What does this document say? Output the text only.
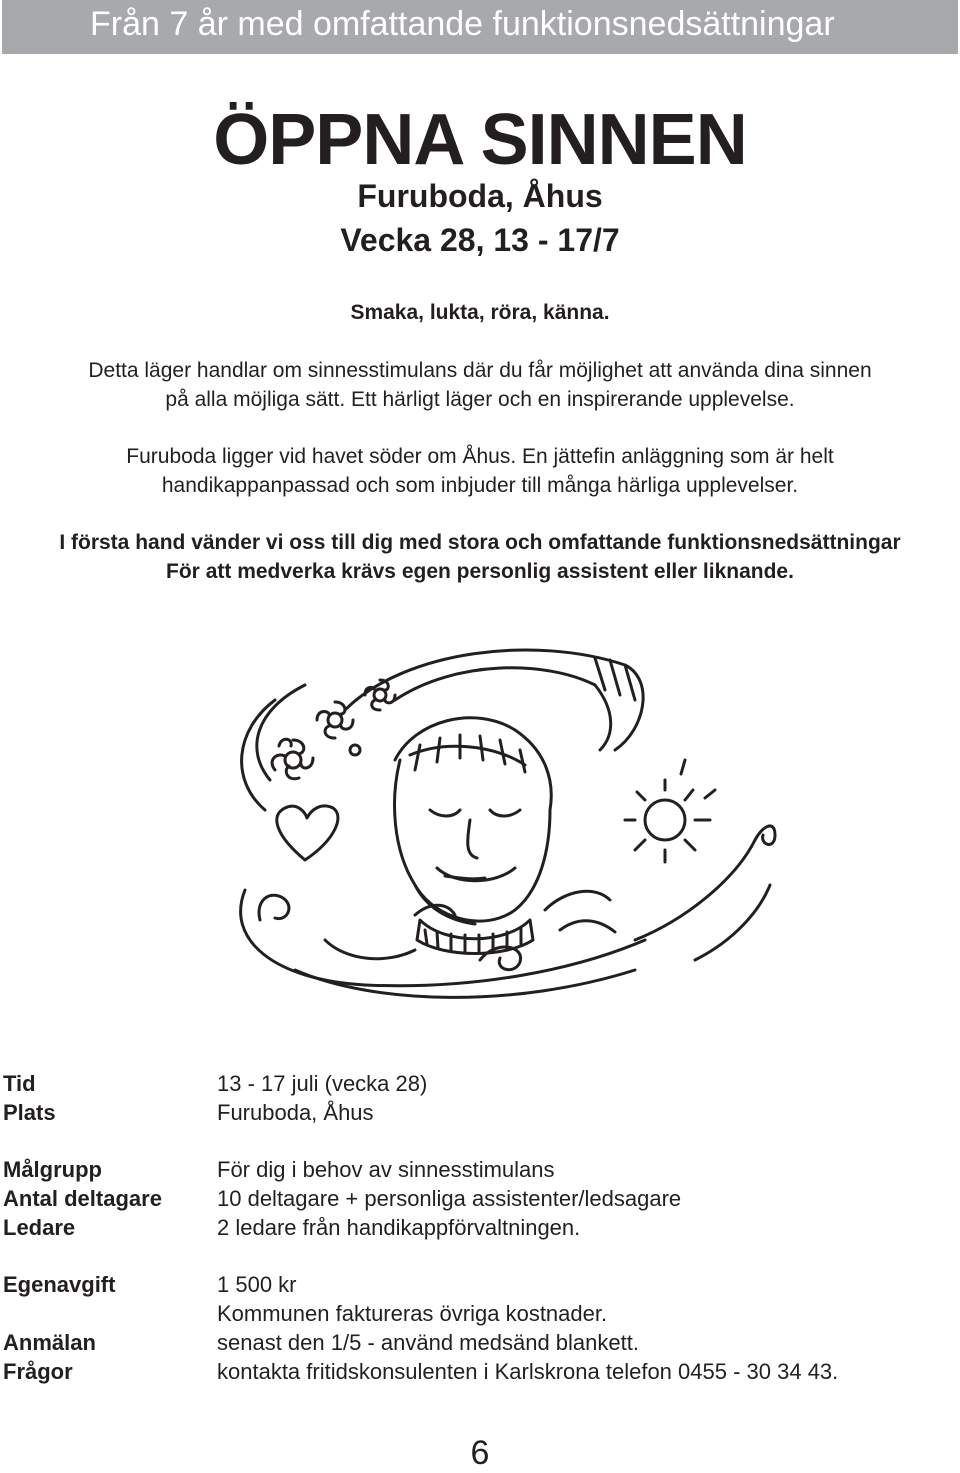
Från 7 år med omfattande funktionsnedsättningar
ÖPPNA SINNEN
Furuboda, Åhus
Vecka 28, 13 - 17/7
Smaka, lukta, röra, känna.
Detta läger handlar om sinnesstimulans där du får möjlighet att använda dina sinnen
på alla möjliga sätt. Ett härligt läger och en inspirerande upplevelse.
Furuboda ligger vid havet söder om Åhus. En jättefin anläggning som är helt
handikappanpassad och som inbjuder till många härliga upplevelser.
I första hand vänder vi oss till dig med stora och omfattande funktionsnedsättningar
För att medverka krävs egen personlig assistent eller liknande.
Tid	13 - 17 juli (vecka 28)
Plats	Furuboda, Åhus
Målgrupp	För dig i behov av sinnesstimulans
Antal deltagare	10 deltagare + personliga assistenter/ledsagare
Ledare	2 ledare från handikappförvaltningen.
Egenavgift	1 500 kr
Kommunen faktureras övriga kostnader.
Anmälan	senast den 1/5 - använd medsänd blankett.
Frågor	kontakta fritidskonsulenten i Karlskrona telefon 0455 - 30 34 43.
6
